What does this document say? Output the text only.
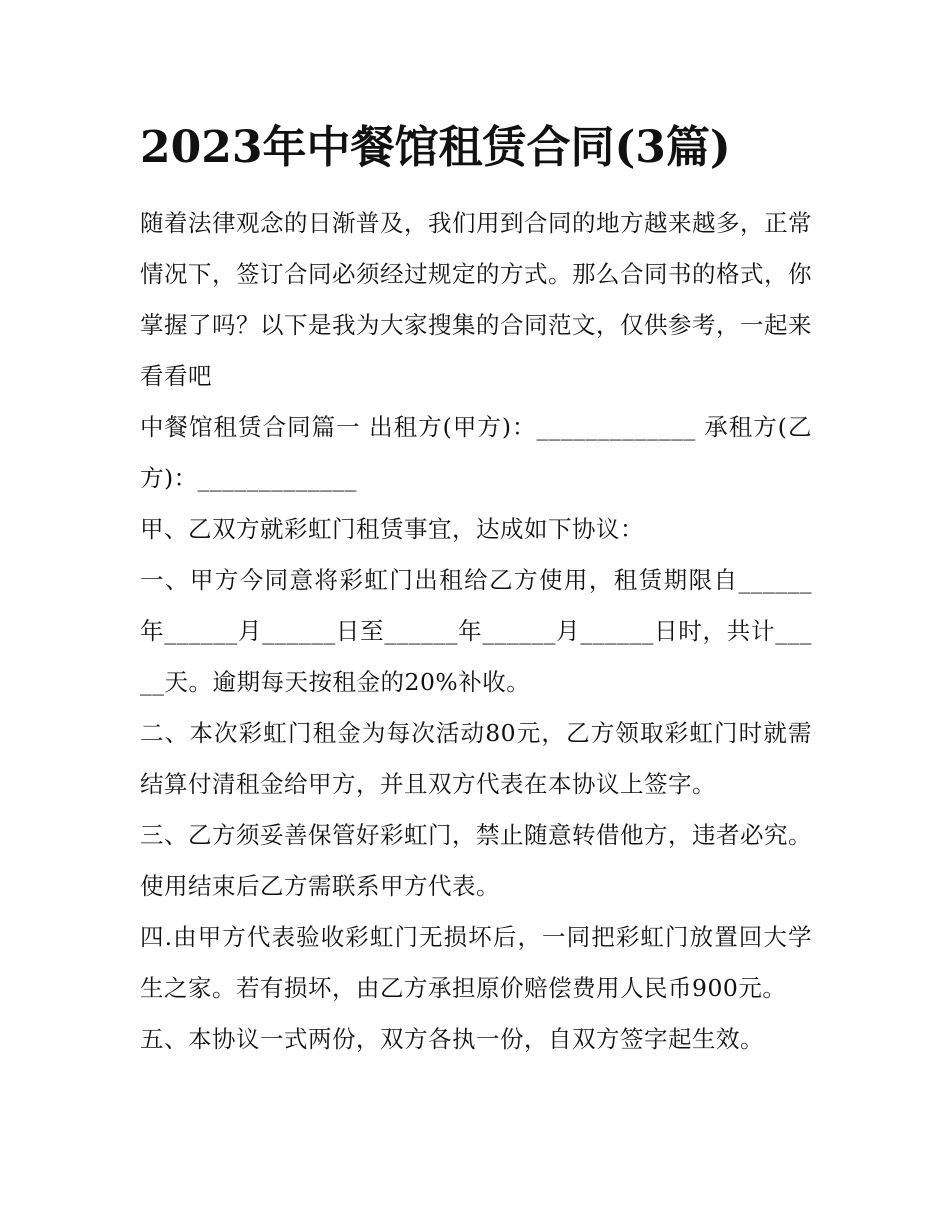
2023年中餐馆租赁合同(3篇)

随着法律观念的日渐普及，我们用到合同的地方越来越多，正常情况下，签订合同必须经过规定的方式。那么合同书的格式，你掌握了吗？以下是我为大家搜集的合同范文，仅供参考，一起来看看吧

中餐馆租赁合同篇一 出租方(甲方)：_____________ 承租方(乙方)：_____________

甲、乙双方就彩虹门租赁事宜，达成如下协议：

一、甲方今同意将彩虹门出租给乙方使用，租赁期限自______年______月______日至______年______月______日时，共计_____天。逾期每天按租金的20%补收。

二、本次彩虹门租金为每次活动80元，乙方领取彩虹门时就需结算付清租金给甲方，并且双方代表在本协议上签字。

三、乙方须妥善保管好彩虹门，禁止随意转借他方，违者必究。使用结束后乙方需联系甲方代表。

四.由甲方代表验收彩虹门无损坏后，一同把彩虹门放置回大学生之家。若有损坏，由乙方承担原价赔偿费用人民币900元。

五、本协议一式两份，双方各执一份，自双方签字起生效。
